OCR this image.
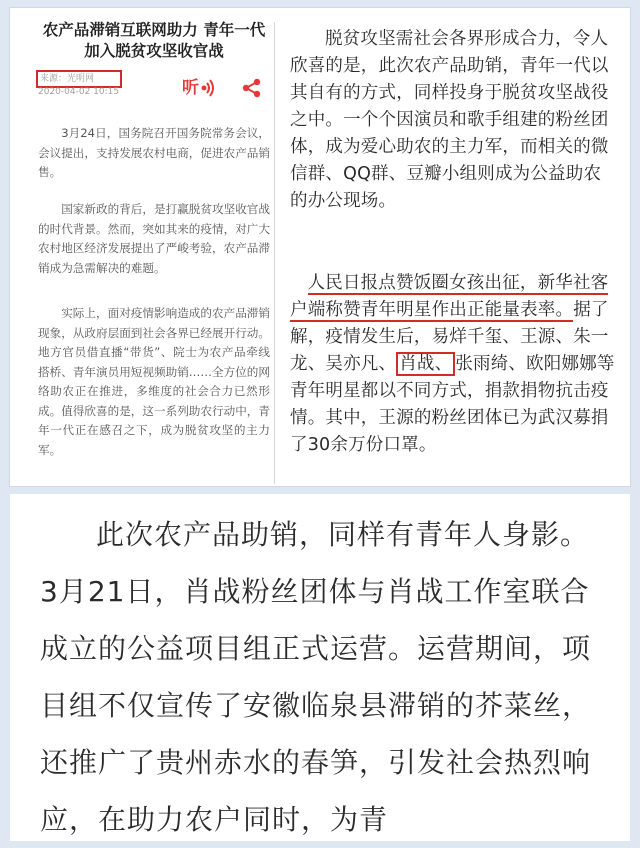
农产品滞销互联网助力 青年一代加入脱贫攻坚收官战
来源：光明网
2020-04-02 10:15	听
3月24日，国务院召开国务院常务会议，会议提出，支持发展农村电商，促进农产品销售。
国家新政的背后，是打赢脱贫攻坚收官战的时代背景。然而，突如其来的疫情，对广大农村地区经济发展提出了严峻考验，农产品滞销成为急需解决的难题。
实际上，面对疫情影响造成的农产品滞销现象，从政府层面到社会各界已经展开行动。地方官员借直播“带货”、院士为农产品牵线搭桥、青年演员用短视频助销……全方位的网络助农正在推进，多维度的社会合力已然形成。值得欣喜的是，这一系列助农行动中，青年一代正在感召之下，成为脱贫攻坚的主力军。
脱贫攻坚需社会各界形成合力，令人欣喜的是，此次农产品助销，青年一代以其自有的方式，同样投身于脱贫攻坚战役之中。一个个因演员和歌手组建的粉丝团体，成为爱心助农的主力军，而相关的微信群、QQ群、豆瓣小组则成为公益助农的办公现场。
人民日报点赞饭圈女孩出征，新华社客户端称赞青年明星作出正能量表率。据了解，疫情发生后，易烊千玺、王源、朱一龙、吴亦凡、 肖战、 张雨绮、欧阳娜娜等青年明星都以不同方式，捐款捐物抗击疫情。其中，王源的粉丝团体已为武汉募捐了30余万份口罩。
此次农产品助销，同样有青年人身影。3月21日，肖战粉丝团体与肖战工作室联合成立的公益项目组正式运营。运营期间，项目组不仅宣传了安徽临泉县滞销的芥菜丝，还推广了贵州赤水的春笋，引发社会热烈响应，在助力农户同时，为青
